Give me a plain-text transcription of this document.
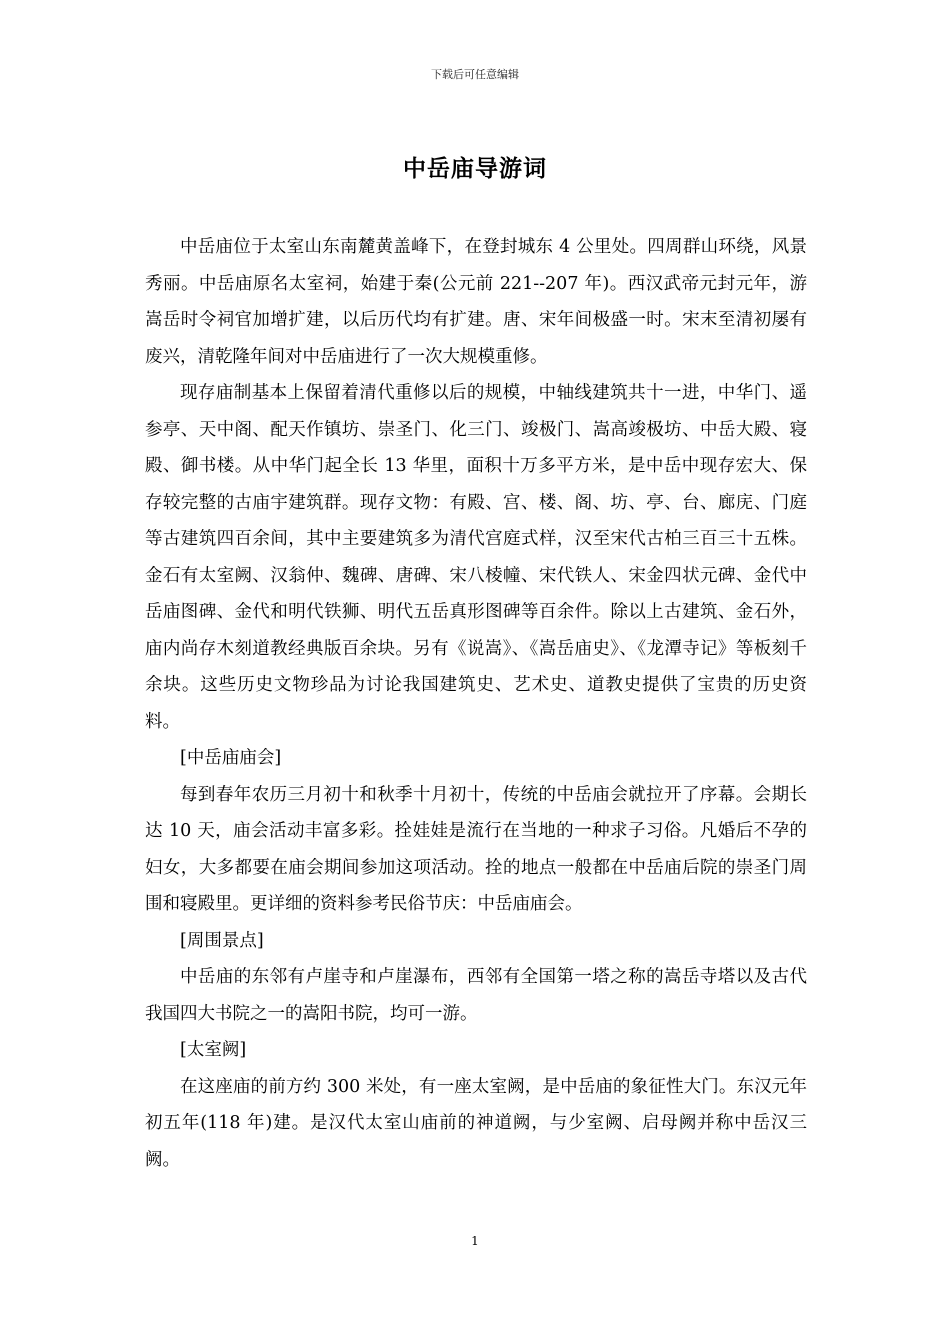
下载后可任意编辑
中岳庙导游词

中岳庙位于太室山东南麓黄盖峰下，在登封城东 4 公里处。四周群山环绕，风景秀丽。中岳庙原名太室祠，始建于秦(公元前 221--207 年)。西汉武帝元封元年，游嵩岳时令祠官加增扩建，以后历代均有扩建。唐、宋年间极盛一时。宋末至清初屡有废兴，清乾隆年间对中岳庙进行了一次大规模重修。

现存庙制基本上保留着清代重修以后的规模，中轴线建筑共十一进，中华门、遥参亭、天中阁、配天作镇坊、崇圣门、化三门、竣极门、嵩高竣极坊、中岳大殿、寝殿、御书楼。从中华门起全长 13 华里，面积十万多平方米，是中岳中现存宏大、保存较完整的古庙宇建筑群。现存文物：有殿、宫、楼、阁、坊、亭、台、廊庑、门庭等古建筑四百余间，其中主要建筑多为清代宫庭式样，汉至宋代古柏三百三十五株。金石有太室阙、汉翁仲、魏碑、唐碑、宋八棱幢、宋代铁人、宋金四状元碑、金代中岳庙图碑、金代和明代铁狮、明代五岳真形图碑等百余件。除以上古建筑、金石外，庙内尚存木刻道教经典版百余块。另有《说嵩》、《嵩岳庙史》、《龙潭寺记》等板刻千余块。这些历史文物珍品为讨论我国建筑史、艺术史、道教史提供了宝贵的历史资料。

[中岳庙庙会]

每到春年农历三月初十和秋季十月初十，传统的中岳庙会就拉开了序幕。会期长达 10 天，庙会活动丰富多彩。拴娃娃是流行在当地的一种求子习俗。凡婚后不孕的妇女，大多都要在庙会期间参加这项活动。拴的地点一般都在中岳庙后院的崇圣门周围和寝殿里。更详细的资料参考民俗节庆：中岳庙庙会。

[周围景点]

中岳庙的东邻有卢崖寺和卢崖瀑布，西邻有全国第一塔之称的嵩岳寺塔以及古代我国四大书院之一的嵩阳书院，均可一游。

[太室阙]

在这座庙的前方约 300 米处，有一座太室阙，是中岳庙的象征性大门。东汉元年初五年(118 年)建。是汉代太室山庙前的神道阙，与少室阙、启母阙并称中岳汉三阙。

1
